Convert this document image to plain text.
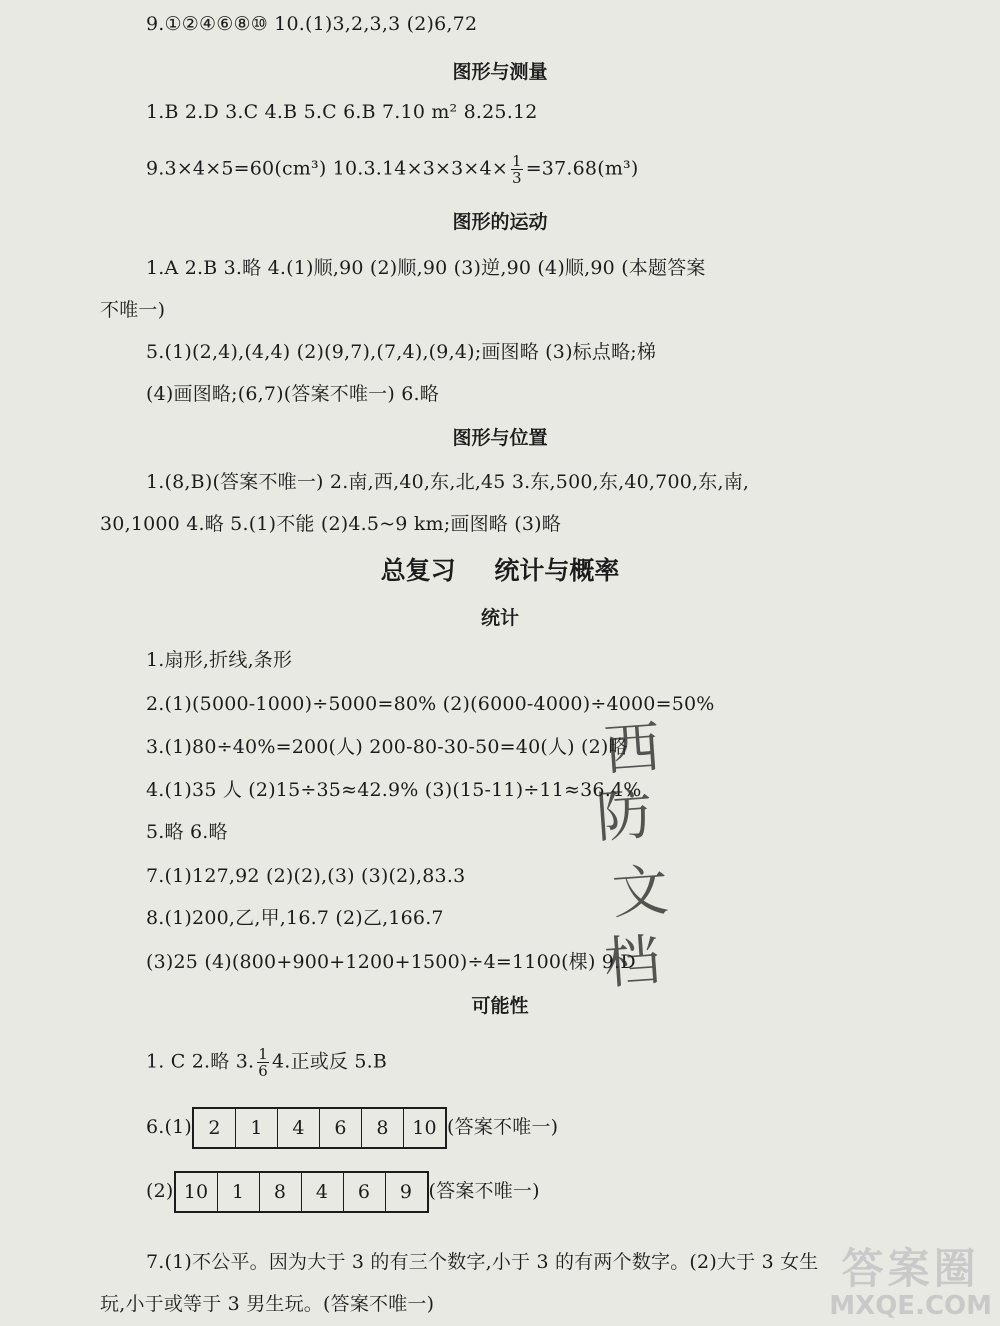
9.①②④⑥⑧⑩ 10.(1)3,2,3,3 (2)6,72
图形与测量
1.B 2.D 3.C 4.B 5.C 6.B 7.10 m² 8.25.12
9.3×4×5=60(cm³) $10.3.14\times 3\times 3\times 4\times \frac{1}{3} =37.68(m^3)$
图形的运动
1.A 2.B 3.略 4.(1)顺,90 (2)顺,90 (3)逆,90 (4)顺,90 (本题答案
不唯一)
5.(1)(2,4),(4,4) (2)(9,7),(7,4),(9,4);画图略 (3)标点略;梯
(4)画图略;(6,7)(答案不唯一) 6.略
图形与位置
1.(8,B)(答案不唯一) 2.南,西,40,东,北,45 3.东,500,东,40,700,东,南,
30,1000 4.略 5.(1)不能 (2)4.5~9 km;画图略 (3)略
总复习 统计与概率
统计
1.扇形,折线,条形
2.(1)(5000-1000)÷5000=80% (2)(6000-4000)÷4000=50%
3.(1)80÷40%=200(人) 200-80-30-50=40(人) (2)略
4.(1)35 人 (2)15÷35≈42.9% (3)(15-11)÷11≈36.4%
5.略 6.略
7.(1)127,92 (2)(2),(3) (3)(2),83.3
8.(1)200,乙,甲,16.7 (2)乙,166.7
(3)25 (4)(800+900+1200+1500)÷4=1100(棵) 9.D
可能性
1. C 2.略 3. $\frac{1}{6} 4$.正或反 5.B
6.(1) 2	1	4	6	8	10 (答案不唯一)
(2) 10	1	8	4	6	9 (答案不唯一)
7.(1)不公平。因为大于 3 的有三个数字,小于 3 的有两个数字。(2)大于 3 女生
玩,小于或等于 3 男生玩。(答案不唯一)
西
防
文
档
答案圈
MXQE.COM
